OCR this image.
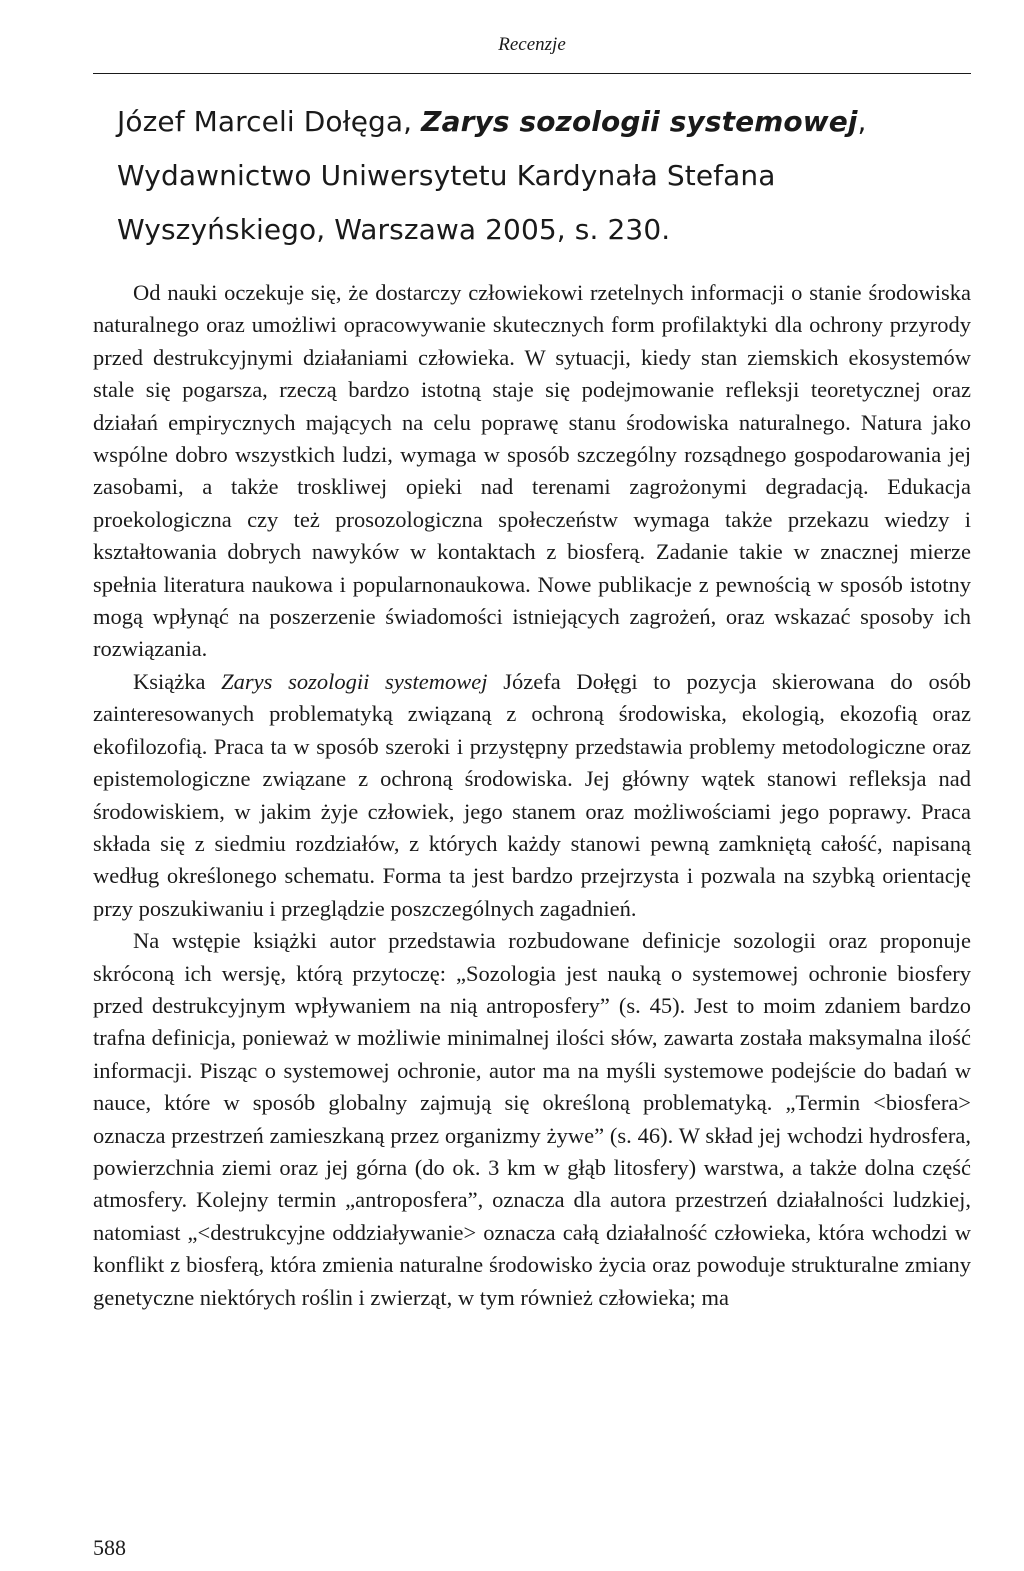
Recenzje
Józef Marceli Dołęga, Zarys sozologii systemowej, Wydawnictwo Uniwersytetu Kardynała Stefana Wyszyńskiego, Warszawa 2005, s. 230.

Od nauki oczekuje się, że dostarczy człowiekowi rzetelnych informacji o stanie środowiska naturalnego oraz umożliwi opracowywanie skutecznych form profilaktyki dla ochrony przyrody przed destrukcyjnymi działaniami człowieka. W sytuacji, kiedy stan ziemskich ekosystemów stale się pogarsza, rzeczą bardzo istotną staje się podejmowanie refleksji teoretycznej oraz działań empirycznych mających na celu poprawę stanu środowiska naturalnego. Natura jako wspólne dobro wszystkich ludzi, wymaga w sposób szczególny rozsądnego gospodarowania jej zasobami, a także troskliwej opieki nad terenami zagrożonymi degradacją. Edukacja proekologiczna czy też prosozologiczna społeczeństw wymaga także przekazu wiedzy i kształtowania dobrych nawyków w kontaktach z biosferą. Zadanie takie w znacznej mierze spełnia literatura naukowa i popularnonaukowa. Nowe publikacje z pewnością w sposób istotny mogą wpłynąć na poszerzenie świadomości istniejących zagrożeń, oraz wskazać sposoby ich rozwiązania.

Książka Zarys sozologii systemowej Józefa Dołęgi to pozycja skierowana do osób zainteresowanych problematyką związaną z ochroną środowiska, ekologią, ekozofią oraz ekofilozofią. Praca ta w sposób szeroki i przystępny przedstawia problemy metodologiczne oraz epistemologiczne związane z ochroną środowiska. Jej główny wątek stanowi refleksja nad środowiskiem, w jakim żyje człowiek, jego stanem oraz możliwościami jego poprawy. Praca składa się z siedmiu rozdziałów, z których każdy stanowi pewną zamkniętą całość, napisaną według określonego schematu. Forma ta jest bardzo przejrzysta i pozwala na szybką orientację przy poszukiwaniu i przeglądzie poszczególnych zagadnień.

Na wstępie książki autor przedstawia rozbudowane definicje sozologii oraz proponuje skróconą ich wersję, którą przytoczę: „Sozologia jest nauką o systemowej ochronie biosfery przed destrukcyjnym wpływaniem na nią antroposfery” (s. 45). Jest to moim zdaniem bardzo trafna definicja, ponieważ w możliwie minimalnej ilości słów, zawarta została maksymalna ilość informacji. Pisząc o systemowej ochronie, autor ma na myśli systemowe podejście do badań w nauce, które w sposób globalny zajmują się określoną problematyką. „Termin <biosfera> oznacza przestrzeń zamieszkaną przez organizmy żywe” (s. 46). W skład jej wchodzi hydrosfera, powierzchnia ziemi oraz jej górna (do ok. 3 km w głąb litosfery) warstwa, a także dolna część atmosfery. Kolejny termin „antroposfera”, oznacza dla autora przestrzeń działalności ludzkiej, natomiast „<destrukcyjne oddziaływanie> oznacza całą działalność człowieka, która wchodzi w konflikt z biosferą, która zmienia naturalne środowisko życia oraz powoduje strukturalne zmiany genetyczne niektórych roślin i zwierząt, w tym również człowieka; ma

588
